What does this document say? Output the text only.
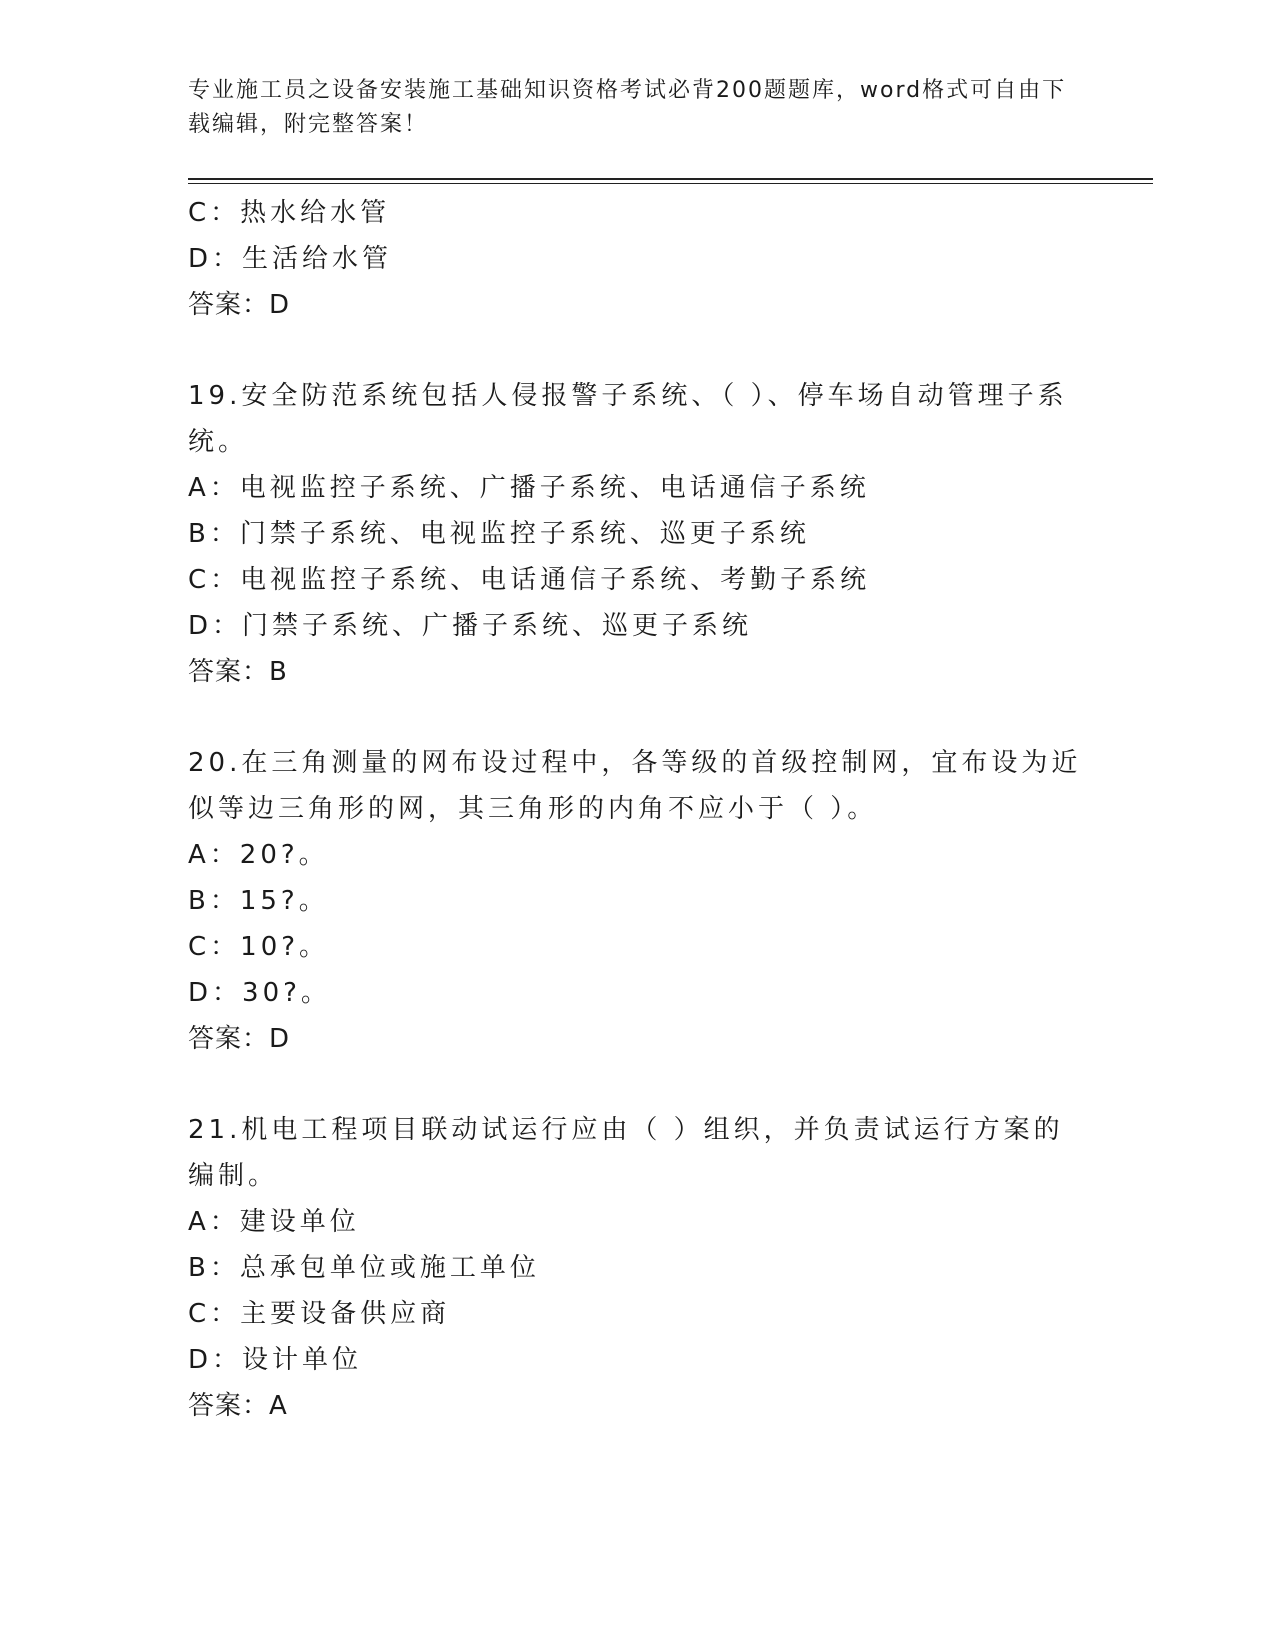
专业施工员之设备安装施工基础知识资格考试必背200题题库，word格式可自由下载编辑，附完整答案！
C：热水给水管
D：生活给水管
答案：D
19.安全防范系统包括人侵报警子系统、（ ）、停车场自动管理子系统。
A：电视监控子系统、广播子系统、电话通信子系统
B：门禁子系统、电视监控子系统、巡更子系统
C：电视监控子系统、电话通信子系统、考勤子系统
D：门禁子系统、广播子系统、巡更子系统
答案：B
20.在三角测量的网布设过程中，各等级的首级控制网，宜布设为近似等边三角形的网，其三角形的内角不应小于（ ）。
A：20?。
B：15?。
C：10?。
D：30?。
答案：D
21.机电工程项目联动试运行应由（ ）组织，并负责试运行方案的编制。
A：建设单位
B：总承包单位或施工单位
C：主要设备供应商
D：设计单位
答案：A
